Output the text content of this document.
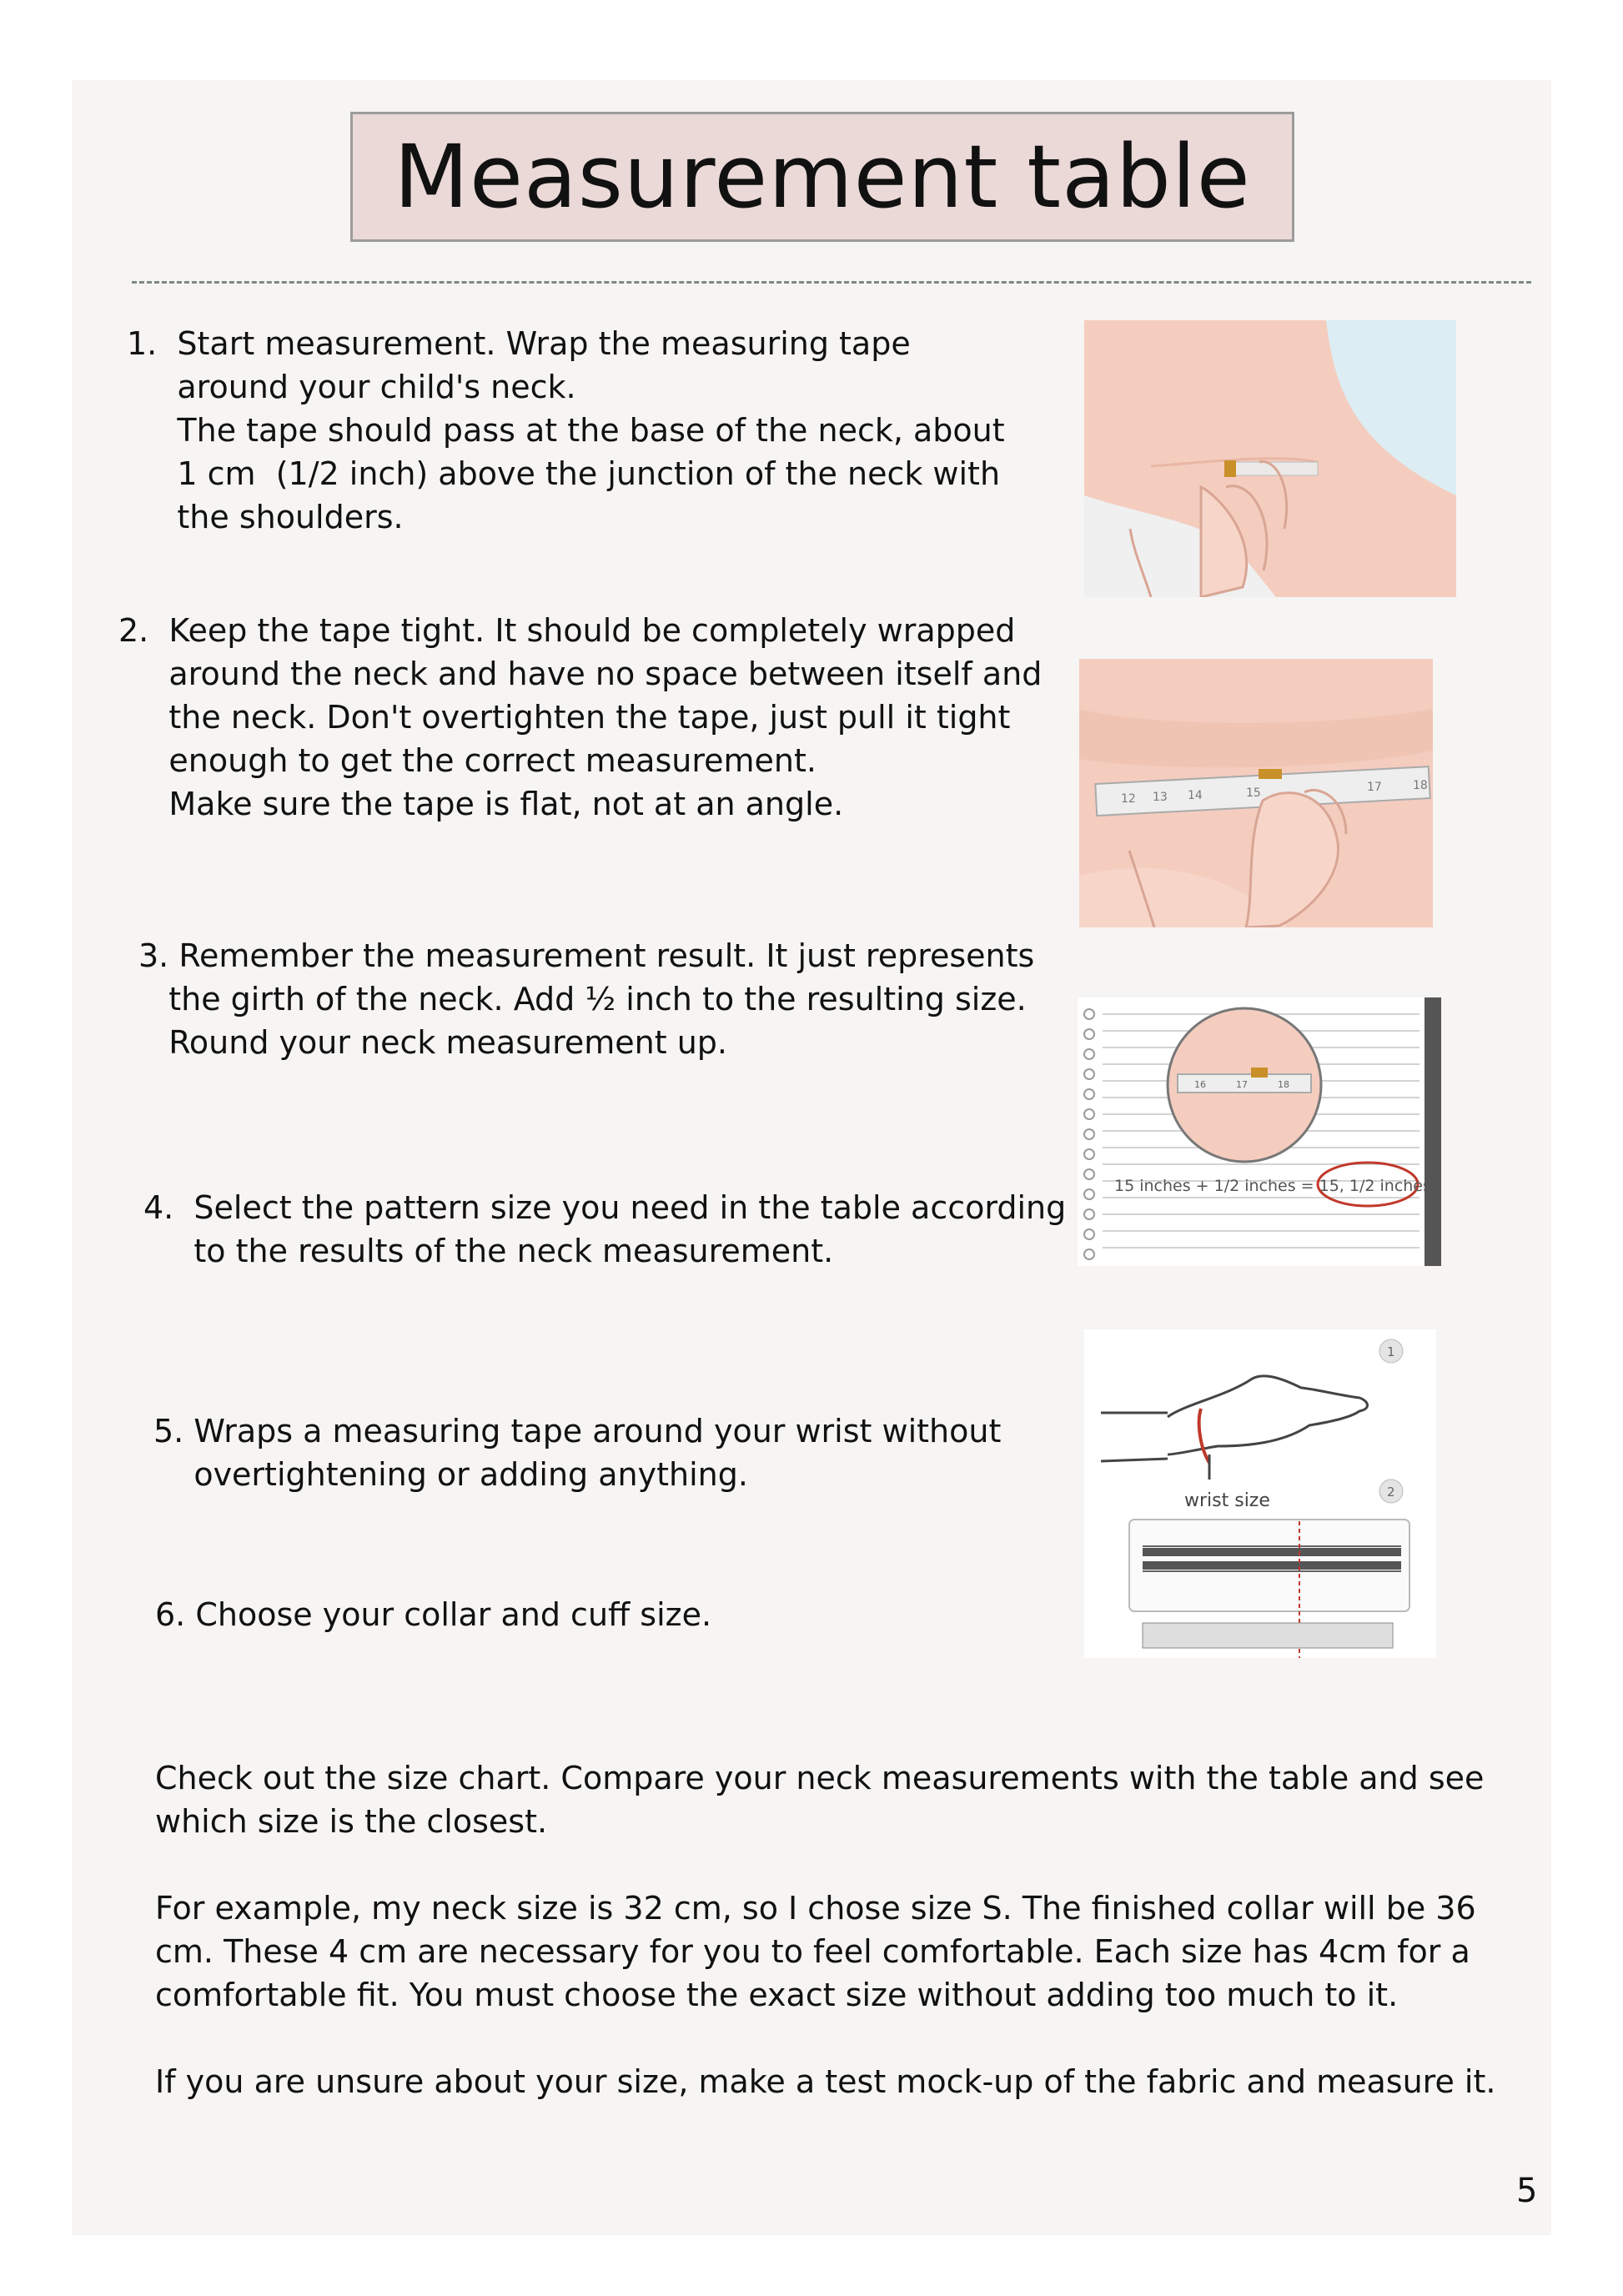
Measurement table
1.  Start measurement. Wrap the measuring tape
around your child's neck.
The tape should pass at the base of the neck, about
1 cm  (1/2 inch) above the junction of the neck with
the shoulders.
2.  Keep the tape tight. It should be completely wrapped
around the neck and have no space between itself and
the neck. Don't overtighten the tape, just pull it tight
enough to get the correct measurement.
Make sure the tape is flat, not at an angle.
3. Remember the measurement result. It just represents
the girth of the neck. Add ½ inch to the resulting size.
Round your neck measurement up.
4.  Select the pattern size you need in the table according
to the results of the neck measurement.
5. Wraps a measuring tape around your wrist without
overtightening or adding anything.
6. Choose your collar and cuff size.
12 13 14	15	17	18
16	17	18
15 inches + 1/2 inches = 15, 1/2 inches
1
2
wrist size
Check out the size chart. Compare your neck measurements with the table and see which size is the closest.
For example, my neck size is 32 cm, so I chose size S. The finished collar will be 36 cm. These 4 cm are necessary for you to feel comfortable. Each size has 4cm for a comfortable fit. You must choose the exact size without adding too much to it.
If you are unsure about your size, make a test mock-up of the fabric and measure it.
5
